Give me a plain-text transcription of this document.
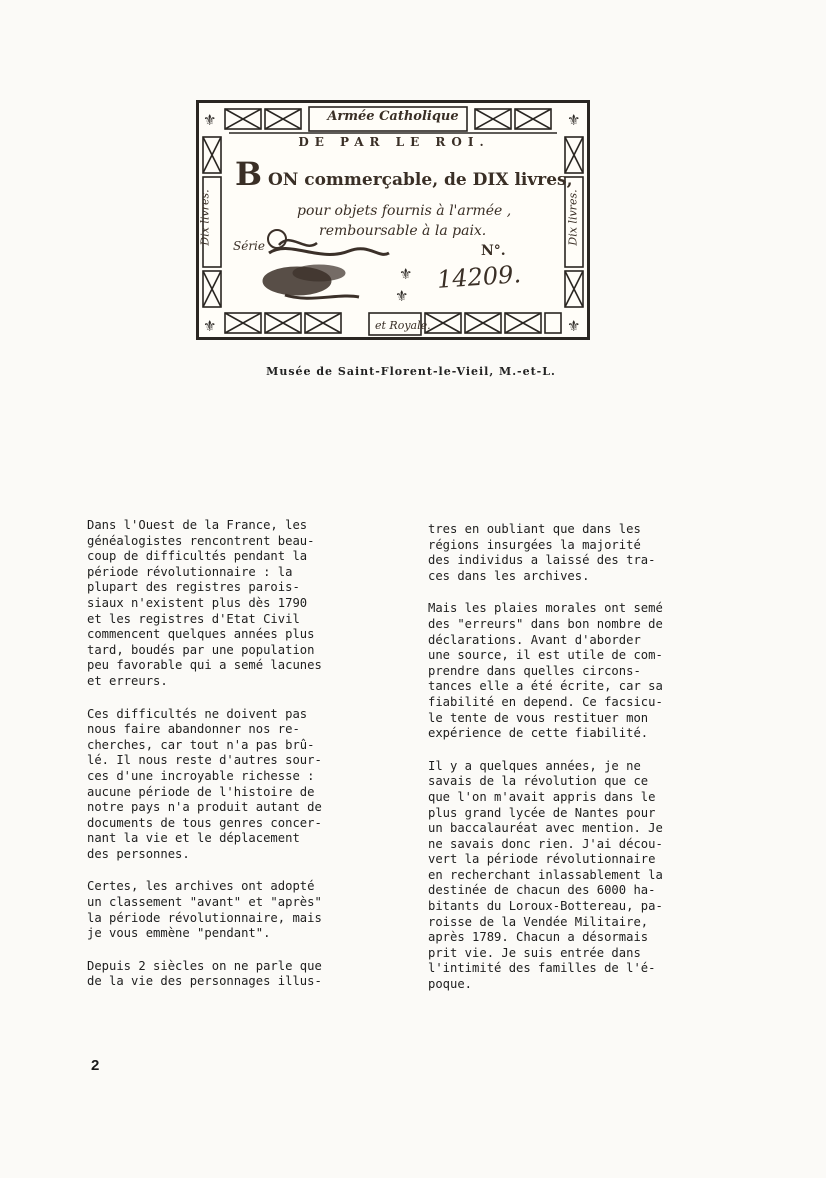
⚜	⚜
⚜	⚜
⚜
⚜
Armée Catholique
DE PAR LE ROI.
B ON commerçable, de DIX livres,
pour objets fournis à l'armée ,
remboursable à la paix.
Série	N°.
14209.
et Royale.
Dix livres.	Dix livres.
Musée de Saint-Florent-le-Vieil, M.-et-L.

Dans l'Ouest de la France, les
généalogistes rencontrent beau-
coup de difficultés pendant la
période révolutionnaire : la
plupart des registres parois-
siaux n'existent plus dès 1790
et les registres d'Etat Civil
commencent quelques années plus
tard, boudés par une population
peu favorable qui a semé lacunes
et erreurs.

Ces difficultés ne doivent pas
nous faire abandonner nos re-
cherches, car tout n'a pas brû-
lé. Il nous reste d'autres sour-
ces d'une incroyable richesse :
aucune période de l'histoire de
notre pays n'a produit autant de
documents de tous genres concer-
nant la vie et le déplacement
des personnes.

Certes, les archives ont adopté
un classement "avant" et "après"
la période révolutionnaire, mais
je vous emmène "pendant".

Depuis 2 siècles on ne parle que
de la vie des personnages illus-

tres en oubliant que dans les
régions insurgées la majorité
des individus a laissé des tra-
ces dans les archives.

Mais les plaies morales ont semé
des "erreurs" dans bon nombre de
déclarations. Avant d'aborder
une source, il est utile de com-
prendre dans quelles circons-
tances elle a été écrite, car sa
fiabilité en depend. Ce facsicu-
le tente de vous restituer mon
expérience de cette fiabilité.

Il y a quelques années, je ne
savais de la révolution que ce
que l'on m'avait appris dans le
plus grand lycée de Nantes pour
un baccalauréat avec mention. Je
ne savais donc rien. J'ai décou-
vert la période révolutionnaire
en recherchant inlassablement la
destinée de chacun des 6000 ha-
bitants du Loroux-Bottereau, pa-
roisse de la Vendée Militaire,
après 1789. Chacun a désormais
prit vie. Je suis entrée dans
l'intimité des familles de l'é-
poque.

2
